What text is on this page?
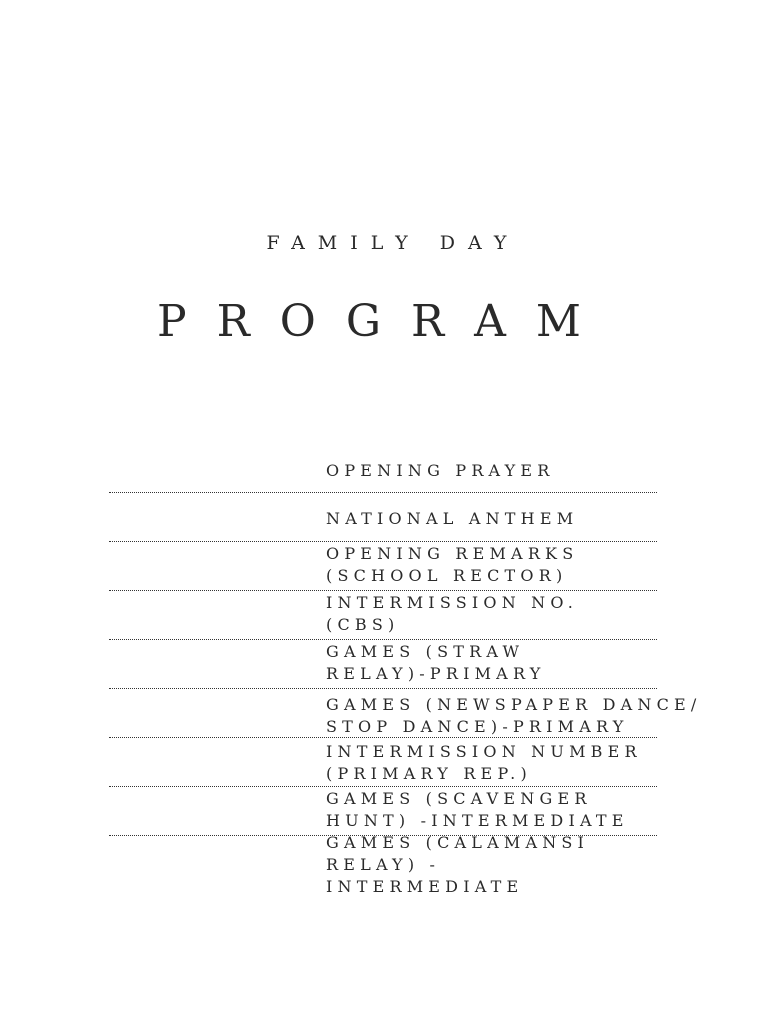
FAMILY DAY
PROGRAM
OPENING PRAYER
NATIONAL ANTHEM
OPENING REMARKS
(SCHOOL RECTOR)
INTERMISSION NO.
(CBS)
GAMES (STRAW
RELAY)-PRIMARY
GAMES (NEWSPAPER DANCE/
STOP DANCE)-PRIMARY
INTERMISSION NUMBER
(PRIMARY REP.)
GAMES (SCAVENGER
HUNT) -INTERMEDIATE
GAMES (CALAMANSI
RELAY) -
INTERMEDIATE
